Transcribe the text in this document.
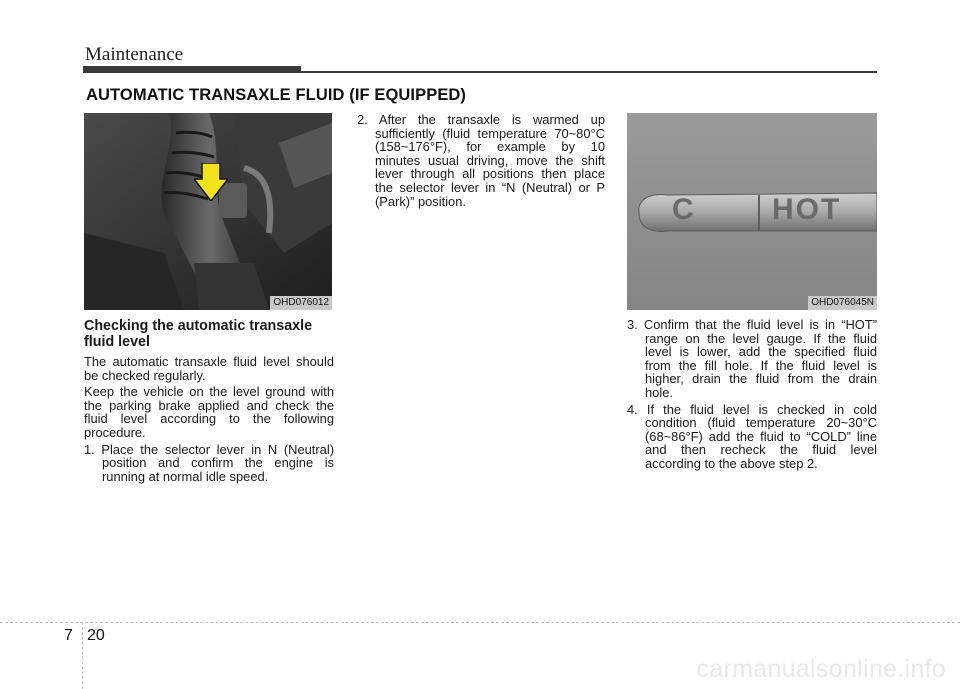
Maintenance
AUTOMATIC TRANSAXLE FLUID (IF EQUIPPED)
OHD076012
C	HOT
OHD076045N

Checking the automatic transaxle fluid level

The automatic transaxle fluid level should be checked regularly.

Keep the vehicle on the level ground with the parking brake applied and check the fluid level according to the following procedure.

1. Place the selector lever in N (Neutral) position and confirm the engine is running at normal idle speed.

2. After the transaxle is warmed up sufficiently (fluid temperature 70~80°C (158~176°F), for example by 10 minutes usual driving, move the shift lever through all positions then place the selector lever in “N (Neutral) or P (Park)” position.

3. Confirm that the fluid level is in “HOT” range on the level gauge. If the fluid level is lower, add the specified fluid from the fill hole. If the fluid level is higher, drain the fluid from the drain hole.

4. If the fluid level is checked in cold condition (fluid temperature 20~30°C (68~86°F) add the fluid to “COLD” line and then recheck the fluid level according to the above step 2.

7 20
carmanualsonline.info
